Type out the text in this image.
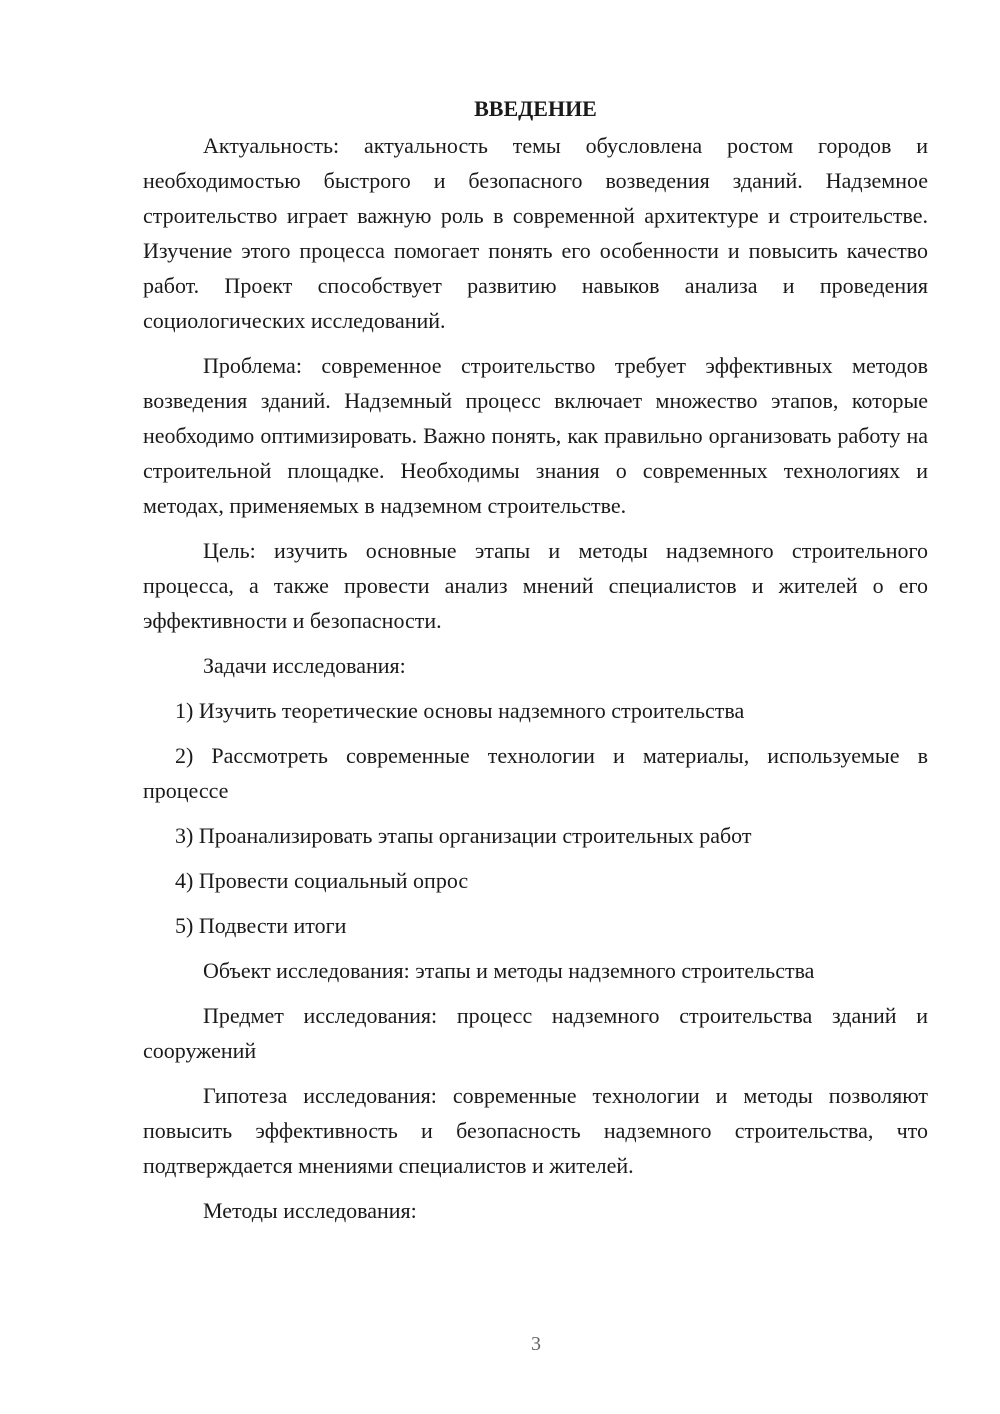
ВВЕДЕНИЕ

Актуальность: актуальность темы обусловлена ростом городов и необходимостью быстрого и безопасного возведения зданий. Надземное строительство играет важную роль в современной архитектуре и строительстве. Изучение этого процесса помогает понять его особенности и повысить качество работ. Проект способствует развитию навыков анализа и проведения социологических исследований.

Проблема: современное строительство требует эффективных методов возведения зданий. Надземный процесс включает множество этапов, которые необходимо оптимизировать. Важно понять, как правильно организовать работу на строительной площадке. Необходимы знания о современных технологиях и методах, применяемых в надземном строительстве.

Цель: изучить основные этапы и методы надземного строительного процесса, а также провести анализ мнений специалистов и жителей о его эффективности и безопасности.

Задачи исследования:

1) Изучить теоретические основы надземного строительства

2) Рассмотреть современные технологии и материалы, используемые в процессе

3) Проанализировать этапы организации строительных работ

4) Провести социальный опрос

5) Подвести итоги

Объект исследования: этапы и методы надземного строительства

Предмет исследования: процесс надземного строительства зданий и сооружений

Гипотеза исследования: современные технологии и методы позволяют повысить эффективность и безопасность надземного строительства, что подтверждается мнениями специалистов и жителей.

Методы исследования:

3
